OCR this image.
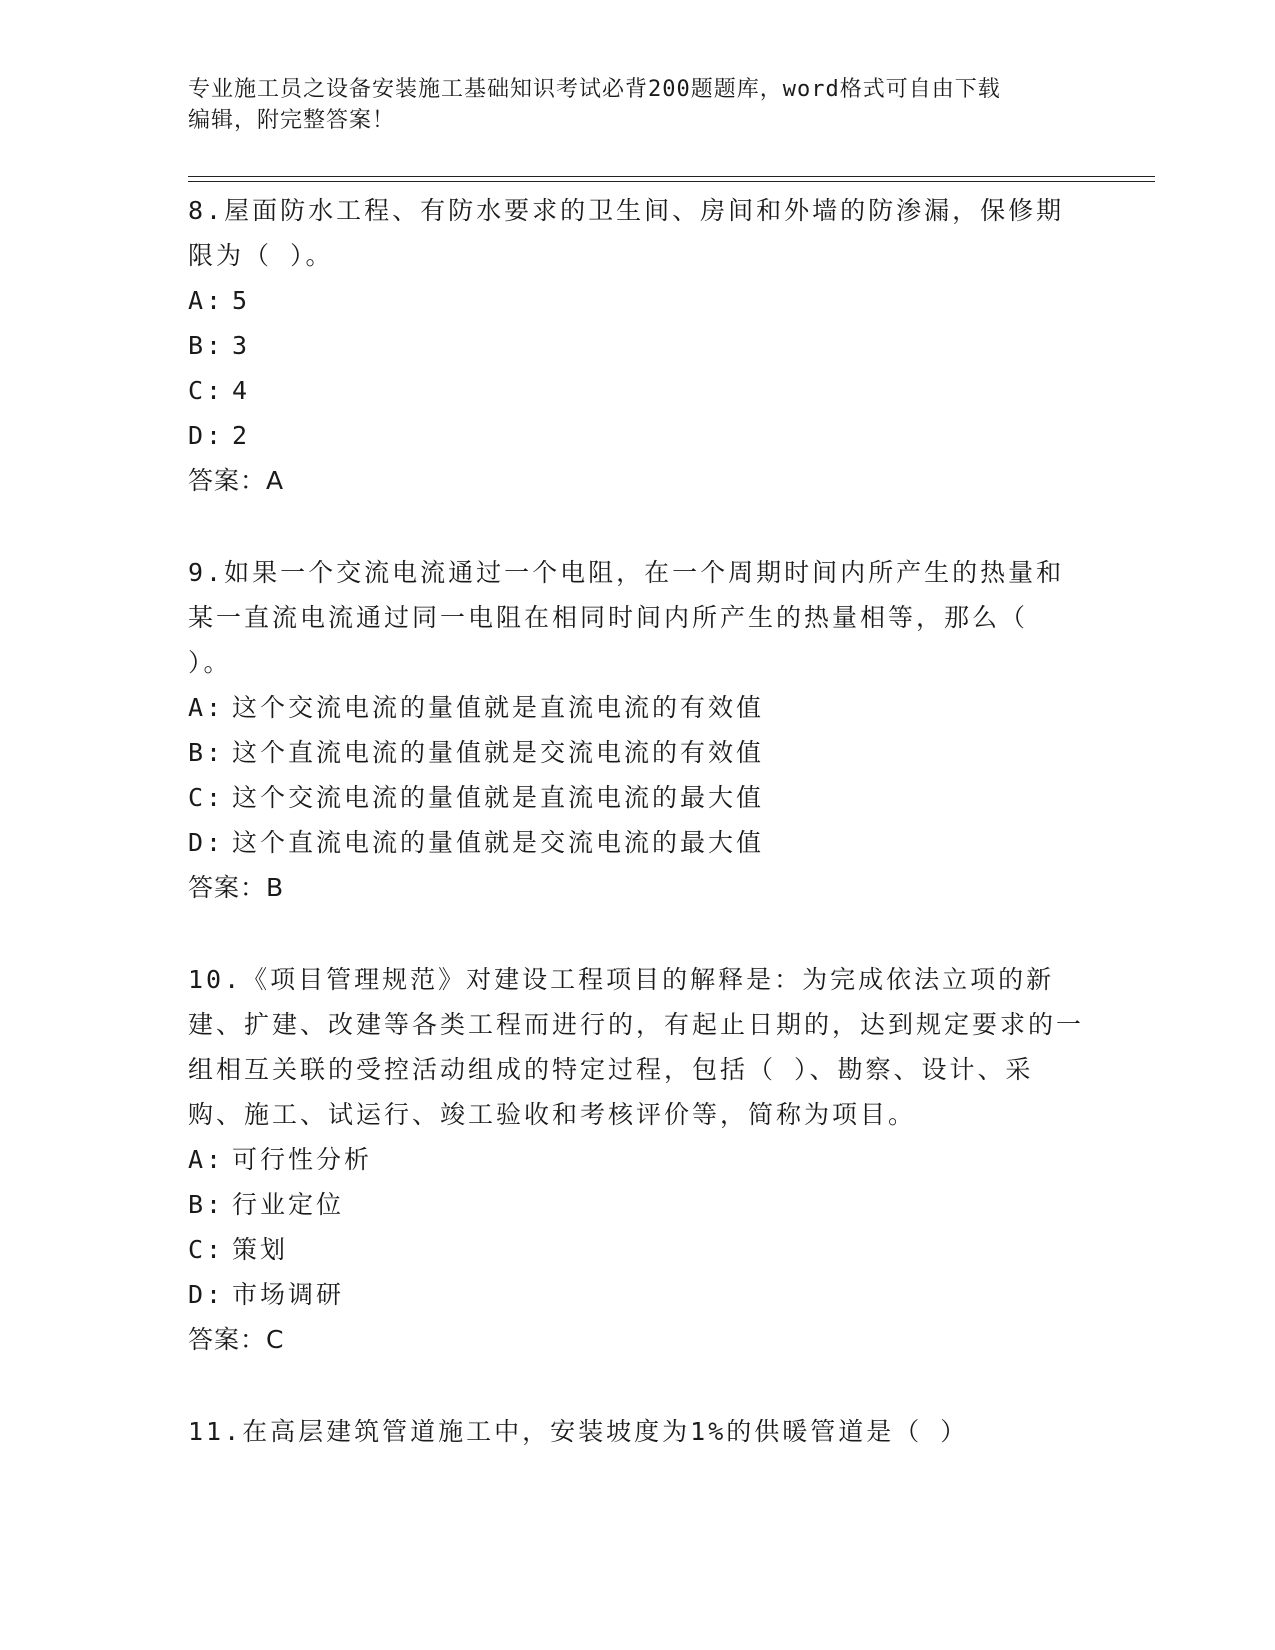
专业施工员之设备安装施工基础知识考试必背200题题库，word格式可自由下载
编辑，附完整答案！
8.屋面防水工程、有防水要求的卫生间、房间和外墙的防渗漏，保修期限为（ ）。
A: 5
B: 3
C: 4
D: 2
答案：A
9.如果一个交流电流通过一个电阻，在一个周期时间内所产生的热量和某一直流电流通过同一电阻在相同时间内所产生的热量相等，那么（ ）。
A: 这个交流电流的量值就是直流电流的有效值
B: 这个直流电流的量值就是交流电流的有效值
C: 这个交流电流的量值就是直流电流的最大值
D: 这个直流电流的量值就是交流电流的最大值
答案：B
10.《项目管理规范》对建设工程项目的解释是：为完成依法立项的新建、扩建、改建等各类工程而进行的，有起止日期的，达到规定要求的一组相互关联的受控活动组成的特定过程，包括（ ）、勘察、设计、采购、施工、试运行、竣工验收和考核评价等，简称为项目。
A: 可行性分析
B: 行业定位
C: 策划
D: 市场调研
答案：C
11.在高层建筑管道施工中，安装坡度为1%的供暖管道是（ ）
